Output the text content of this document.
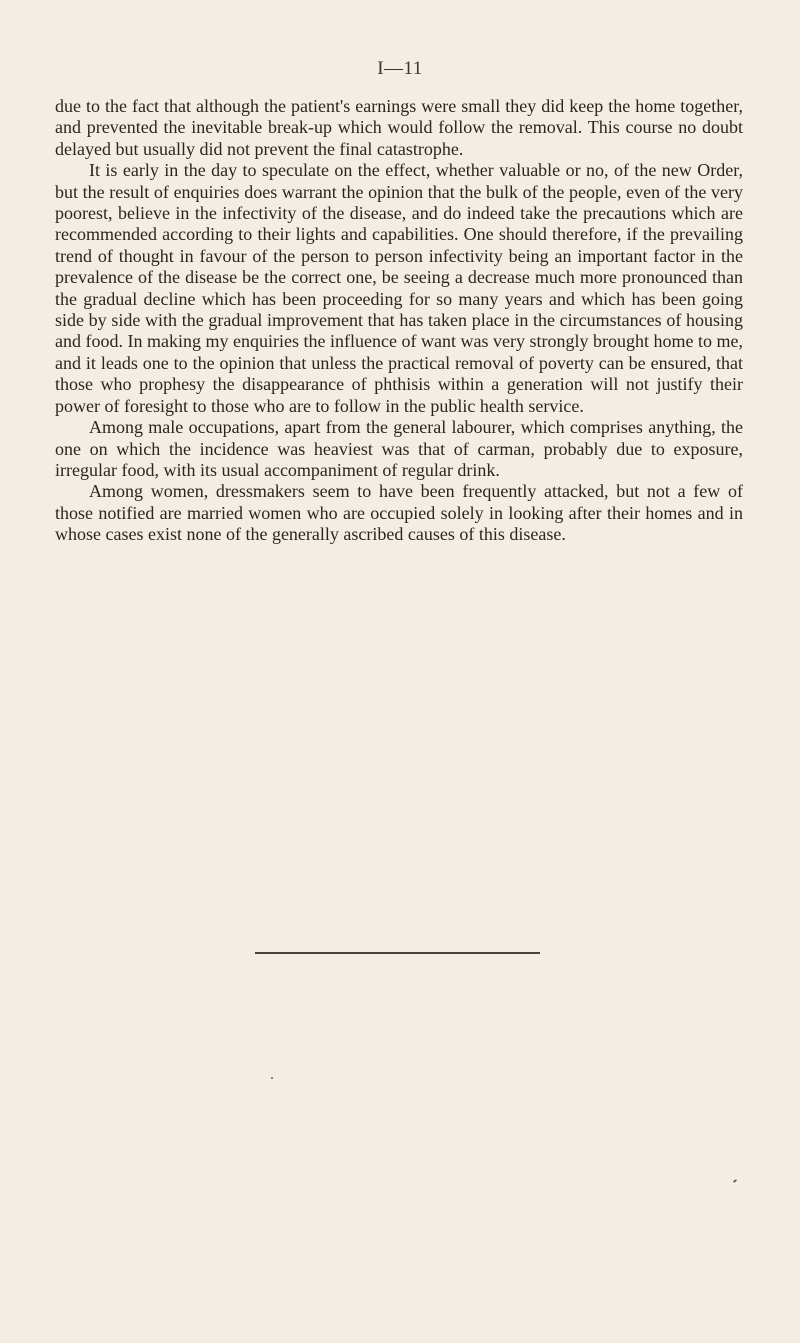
I—11

due to the fact that although the patient's earnings were small they did keep the home together, and prevented the inevitable break-up which would follow the removal. This course no doubt delayed but usually did not prevent the final catastrophe.

It is early in the day to speculate on the effect, whether valuable or no, of the new Order, but the result of enquiries does warrant the opinion that the bulk of the people, even of the very poorest, believe in the infectivity of the disease, and do indeed take the precautions which are recommended according to their lights and capabilities. One should therefore, if the prevailing trend of thought in favour of the person to person infectivity being an important factor in the prevalence of the disease be the correct one, be seeing a decrease much more pronounced than the gradual decline which has been proceeding for so many years and which has been going side by side with the gradual improvement that has taken place in the circumstances of housing and food. In making my enquiries the influence of want was very strongly brought home to me, and it leads one to the opinion that unless the practical removal of poverty can be ensured, that those who prophesy the disappearance of phthisis within a generation will not justify their power of foresight to those who are to follow in the public health service.

Among male occupations, apart from the general labourer, which comprises anything, the one on which the incidence was heaviest was that of carman, probably due to exposure, irregular food, with its usual accompaniment of regular drink.

Among women, dressmakers seem to have been frequently attacked, but not a few of those notified are married women who are occupied solely in looking after their homes and in whose cases exist none of the generally ascribed causes of this disease.
